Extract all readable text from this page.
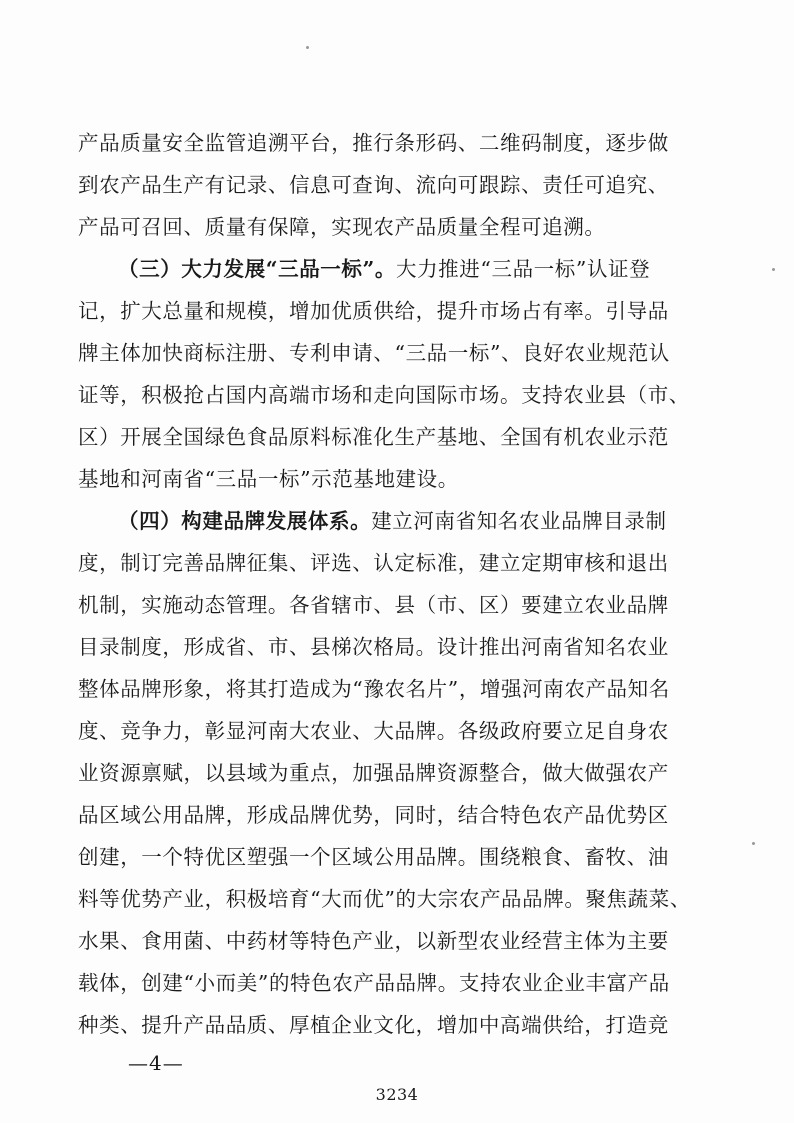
产品质量安全监管追溯平台，推行条形码、二维码制度，逐步做
到农产品生产有记录、信息可查询、流向可跟踪、责任可追究、
产品可召回、质量有保障，实现农产品质量全程可追溯。
（三）大力发展“三品一标”。大力推进“三品一标”认证登
记，扩大总量和规模，增加优质供给，提升市场占有率。引导品
牌主体加快商标注册、专利申请、“三品一标”、良好农业规范认
证等，积极抢占国内高端市场和走向国际市场。支持农业县（市、
区）开展全国绿色食品原料标准化生产基地、全国有机农业示范
基地和河南省“三品一标”示范基地建设。
（四）构建品牌发展体系。建立河南省知名农业品牌目录制
度，制订完善品牌征集、评选、认定标准，建立定期审核和退出
机制，实施动态管理。各省辖市、县（市、区）要建立农业品牌
目录制度，形成省、市、县梯次格局。设计推出河南省知名农业
整体品牌形象，将其打造成为“豫农名片”，增强河南农产品知名
度、竞争力，彰显河南大农业、大品牌。各级政府要立足自身农
业资源禀赋，以县域为重点，加强品牌资源整合，做大做强农产
品区域公用品牌，形成品牌优势，同时，结合特色农产品优势区
创建，一个特优区塑强一个区域公用品牌。围绕粮食、畜牧、油
料等优势产业，积极培育“大而优”的大宗农产品品牌。聚焦蔬菜、
水果、食用菌、中药材等特色产业，以新型农业经营主体为主要
载体，创建“小而美”的特色农产品品牌。支持农业企业丰富产品
种类、提升产品品质、厚植企业文化，增加中高端供给，打造竞
—4—
3234
